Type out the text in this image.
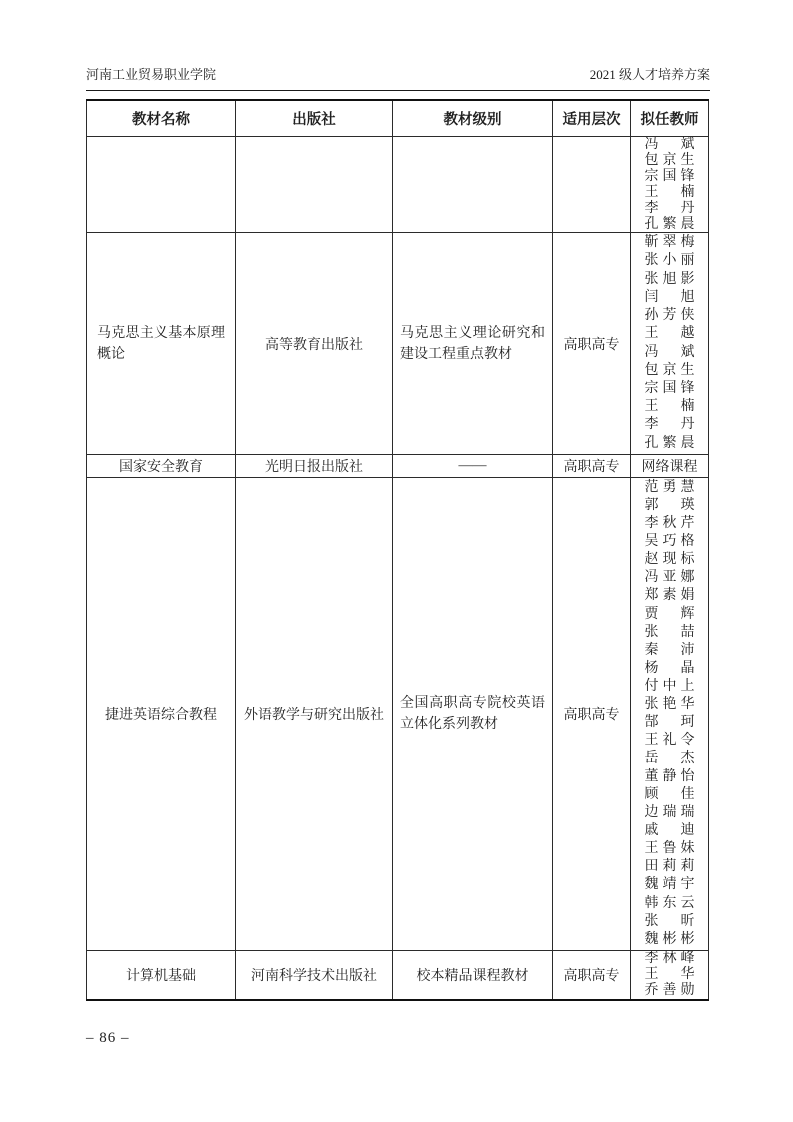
河南工业贸易职业学院	2021 级人才培养方案
教材名称	出版社	教材级别	适用层次	拟任教师

冯斌
包京生
宗国锋
王楠
李丹
孔繁晨

马克思主义基本原理概论	高等教育出版社	马克思主义理论研究和建设工程重点教材	高职高专	
靳翠梅
张小丽
张旭影
闫旭
孙芳侠
王越
冯斌
包京生
宗国锋
王楠
李丹
孔繁晨

国家安全教育	光明日报出版社	——	高职高专	网络课程
捷进英语综合教程	外语教学与研究出版社	全国高职高专院校英语立体化系列教材	高职高专	
范勇慧
郭瑛
李秋芹
吴巧格
赵现标
冯亚娜
郑素娟
贾辉
张喆
秦沛
杨晶
付中上
张艳华
郜珂
王礼令
岳杰
董静怡
顾佳
边瑞瑞
戚迪
王鲁妹
田莉莉
魏靖宇
韩东云
张昕
魏彬彬

计算机基础	河南科学技术出版社	校本精品课程教材	高职高专	李林峰
王华
乔善勋
– 86 –
